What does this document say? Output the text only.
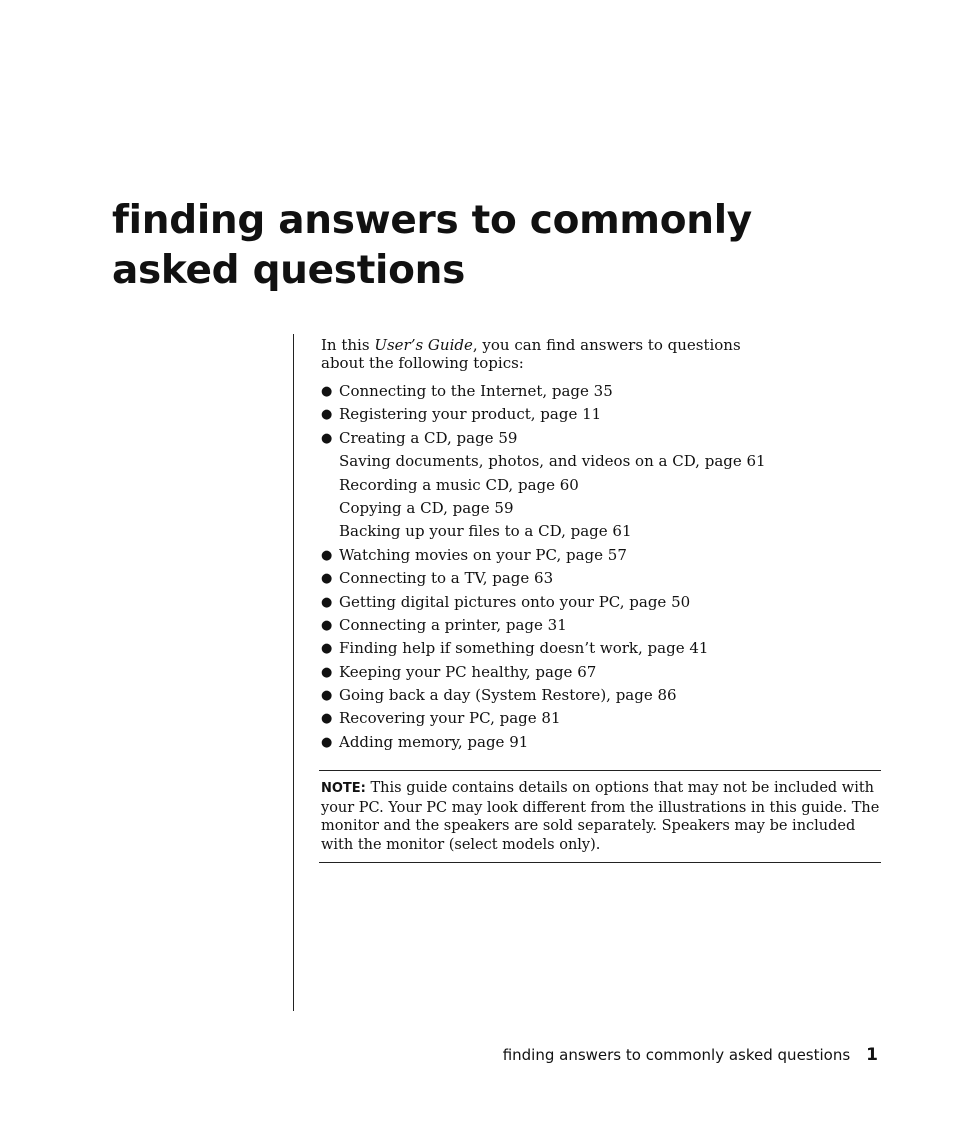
finding answers to commonly asked questions

In this User’s Guide, you can find answers to questions about the following topics:

● Connecting to the Internet, page 35
● Registering your product, page 11
● Creating a CD, page 59
Saving documents, photos, and videos on a CD, page 61
Recording a music CD, page 60
Copying a CD, page 59
Backing up your files to a CD, page 61
● Watching movies on your PC, page 57
● Connecting to a TV, page 63
● Getting digital pictures onto your PC, page 50
● Connecting a printer, page 31
● Finding help if something doesn’t work, page 41
● Keeping your PC healthy, page 67
● Going back a day (System Restore), page 86
● Recovering your PC, page 81
● Adding memory, page 91
NOTE: This guide contains details on options that may not be included with your PC. Your PC may look different from the illustrations in this guide. The monitor and the speakers are sold separately. Speakers may be included with the monitor (select models only).
finding answers to commonly asked questions 1
